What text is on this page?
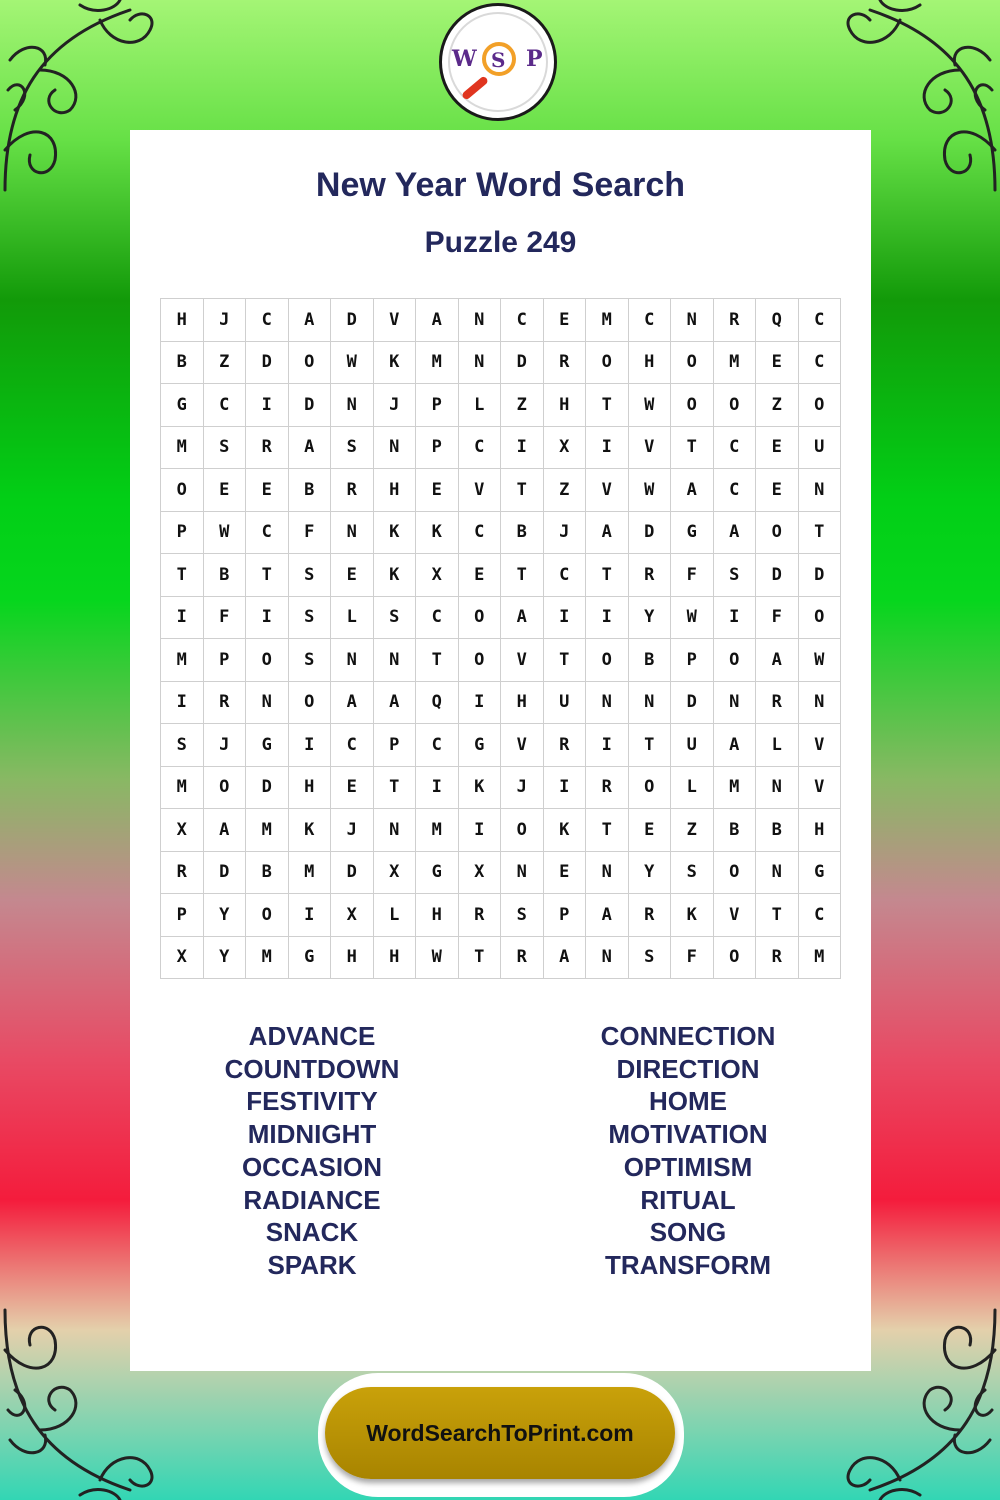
W S P
New Year Word Search
Puzzle 249
H	J	C	A	D	V	A	N	C	E	M	C	N	R	Q	C
B	Z	D	O	W	K	M	N	D	R	O	H	O	M	E	C
G	C	I	D	N	J	P	L	Z	H	T	W	O	O	Z	O
M	S	R	A	S	N	P	C	I	X	I	V	T	C	E	U
O	E	E	B	R	H	E	V	T	Z	V	W	A	C	E	N
P	W	C	F	N	K	K	C	B	J	A	D	G	A	O	T
T	B	T	S	E	K	X	E	T	C	T	R	F	S	D	D
I	F	I	S	L	S	C	O	A	I	I	Y	W	I	F	O
M	P	O	S	N	N	T	O	V	T	O	B	P	O	A	W
I	R	N	O	A	A	Q	I	H	U	N	N	D	N	R	N
S	J	G	I	C	P	C	G	V	R	I	T	U	A	L	V
M	O	D	H	E	T	I	K	J	I	R	O	L	M	N	V
X	A	M	K	J	N	M	I	O	K	T	E	Z	B	B	H
R	D	B	M	D	X	G	X	N	E	N	Y	S	O	N	G
P	Y	O	I	X	L	H	R	S	P	A	R	K	V	T	C
X	Y	M	G	H	H	W	T	R	A	N	S	F	O	R	M
ADVANCE
COUNTDOWN
FESTIVITY
MIDNIGHT
OCCASION
RADIANCE
SNACK
SPARK
CONNECTION
DIRECTION
HOME
MOTIVATION
OPTIMISM
RITUAL
SONG
TRANSFORM
WordSearchToPrint.com
